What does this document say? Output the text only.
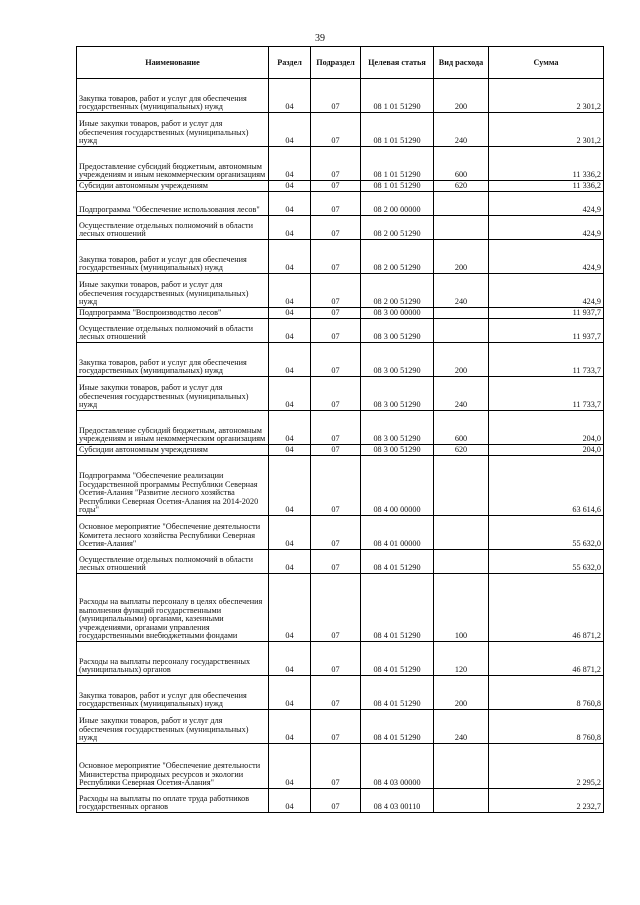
39
Наименование	Раздел	Подраздел	Целевая статья	Вид расхода	Сумма
Закупка товаров, работ и услуг для обеспечения государственных (муниципальных) нужд	04	07	08 1 01 51290	200	2 301,2
Иные закупки товаров, работ и услуг для обеспечения государственных (муниципальных) нужд	04	07	08 1 01 51290	240	2 301,2
Предоставление субсидий бюджетным, автономным учреждениям и иным некоммерческим организациям	04	07	08 1 01 51290	600	11 336,2
Субсидии автономным учреждениям	04	07	08 1 01 51290	620	11 336,2
Подпрограмма "Обеспечение использования лесов"	04	07	08 2 00 00000		424,9
Осуществление отдельных полномочий в области лесных отношений	04	07	08 2 00 51290		424,9
Закупка товаров, работ и услуг для обеспечения государственных (муниципальных) нужд	04	07	08 2 00 51290	200	424,9
Иные закупки товаров, работ и услуг для обеспечения государственных (муниципальных) нужд	04	07	08 2 00 51290	240	424,9
Подпрограмма "Воспроизводство лесов"	04	07	08 3 00 00000		11 937,7
Осуществление отдельных полномочий в области лесных отношений	04	07	08 3 00 51290		11 937,7
Закупка товаров, работ и услуг для обеспечения государственных (муниципальных) нужд	04	07	08 3 00 51290	200	11 733,7
Иные закупки товаров, работ и услуг для обеспечения государственных (муниципальных) нужд	04	07	08 3 00 51290	240	11 733,7
Предоставление субсидий бюджетным, автономным учреждениям и иным некоммерческим организациям	04	07	08 3 00 51290	600	204,0
Субсидии автономным учреждениям	04	07	08 3 00 51290	620	204,0
Подпрограмма "Обеспечение реализации Государственной программы Республики Северная Осетия-Алания "Развитие лесного хозяйства Республики Северная Осетия-Алания на 2014-2020 годы"	04	07	08 4 00 00000		63 614,6
Основное мероприятие "Обеспечение деятельности Комитета лесного хозяйства Республики Северная Осетия-Алания"	04	07	08 4 01 00000		55 632,0
Осуществление отдельных полномочий в области лесных отношений	04	07	08 4 01 51290		55 632,0
Расходы на выплаты персоналу в целях обеспечения выполнения функций государственными (муниципальными) органами, казенными учреждениями, органами управления государственными внебюджетными фондами	04	07	08 4 01 51290	100	46 871,2
Расходы на выплаты персоналу государственных (муниципальных) органов	04	07	08 4 01 51290	120	46 871,2
Закупка товаров, работ и услуг для обеспечения государственных (муниципальных) нужд	04	07	08 4 01 51290	200	8 760,8
Иные закупки товаров, работ и услуг для обеспечения государственных (муниципальных) нужд	04	07	08 4 01 51290	240	8 760,8
Основное мероприятие "Обеспечение деятельности Министерства природных ресурсов и экологии Республики Северная Осетия-Алания"	04	07	08 4 03 00000		2 295,2
Расходы на выплаты по оплате труда работников государственных органов	04	07	08 4 03 00110		2 232,7
